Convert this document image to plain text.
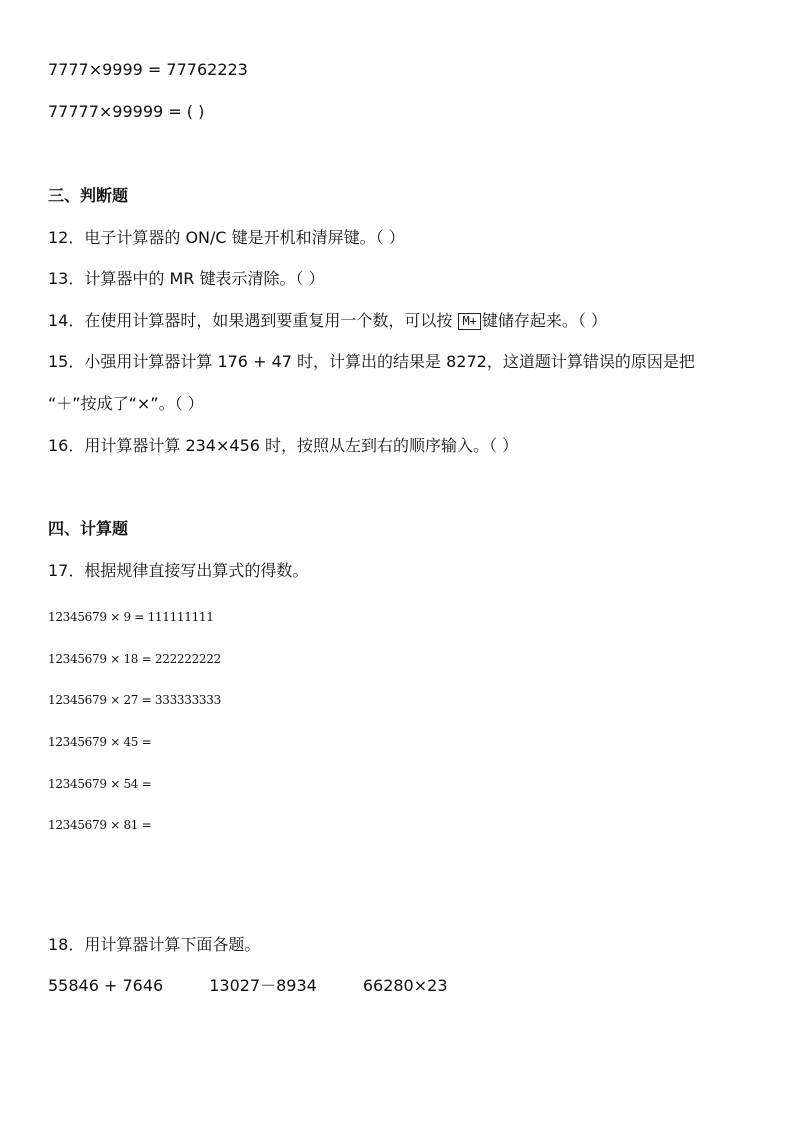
7777×9999 = 77762223
77777×99999 = ( )
三、判断题
12．电子计算器的 ON/C 键是开机和清屏键。（ ）
13．计算器中的 MR 键表示清除。（ ）
14．在使用计算器时，如果遇到要重复用一个数，可以按 M+ 键储存起来。（ ）
15．小强用计算器计算 176 + 47 时，计算出的结果是 8272，这道题计算错误的原因是把
“＋”按成了“×”。（ ）
16．用计算器计算 234×456 时，按照从左到右的顺序输入。（ ）
四、计算题
17．根据规律直接写出算式的得数。
12345679 × 9 = 111111111
12345679 × 18 = 222222222
12345679 × 27 = 333333333
12345679 × 45 =
12345679 × 54 =
12345679 × 81 =
18．用计算器计算下面各题。
55846 + 7646	13027－8934	66280×23
